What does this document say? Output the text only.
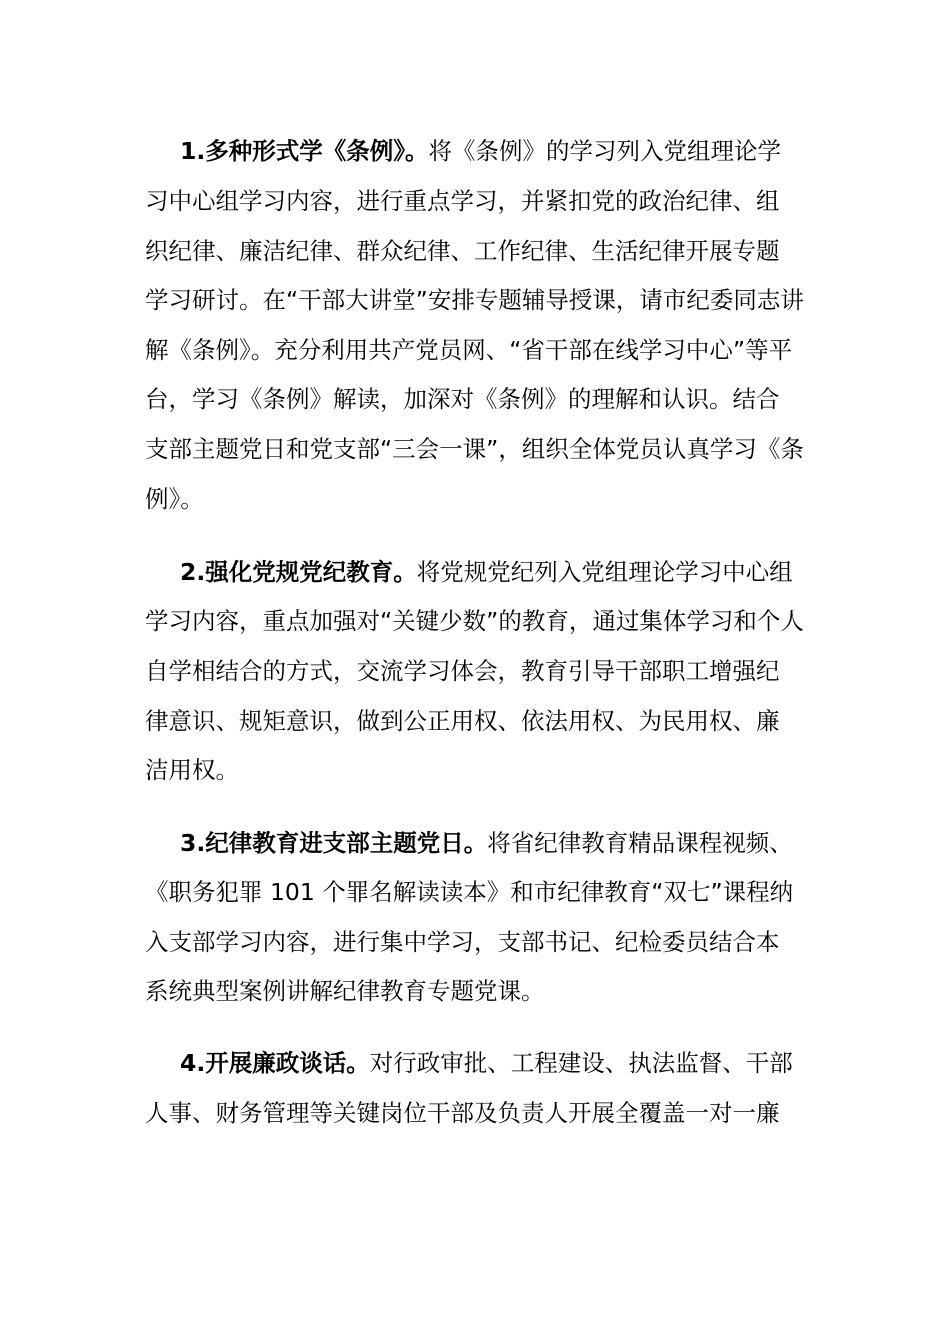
1.多种形式学《条例》。将《条例》的学习列入党组理论学
习中心组学习内容，进行重点学习，并紧扣党的政治纪律、组
织纪律、廉洁纪律、群众纪律、工作纪律、生活纪律开展专题
学习研讨。在“干部大讲堂”安排专题辅导授课，请市纪委同志讲
解《条例》。充分利用共产党员网、“省干部在线学习中心”等平
台，学习《条例》解读，加深对《条例》的理解和认识。结合
支部主题党日和党支部“三会一课”，组织全体党员认真学习《条
例》。
2.强化党规党纪教育。将党规党纪列入党组理论学习中心组
学习内容，重点加强对“关键少数”的教育，通过集体学习和个人
自学相结合的方式，交流学习体会，教育引导干部职工增强纪
律意识、规矩意识，做到公正用权、依法用权、为民用权、廉
洁用权。
3.纪律教育进支部主题党日。将省纪律教育精品课程视频、
《职务犯罪 101 个罪名解读读本》和市纪律教育“双七”课程纳
入支部学习内容，进行集中学习，支部书记、纪检委员结合本
系统典型案例讲解纪律教育专题党课。
4.开展廉政谈话。对行政审批、工程建设、执法监督、干部
人事、财务管理等关键岗位干部及负责人开展全覆盖一对一廉
